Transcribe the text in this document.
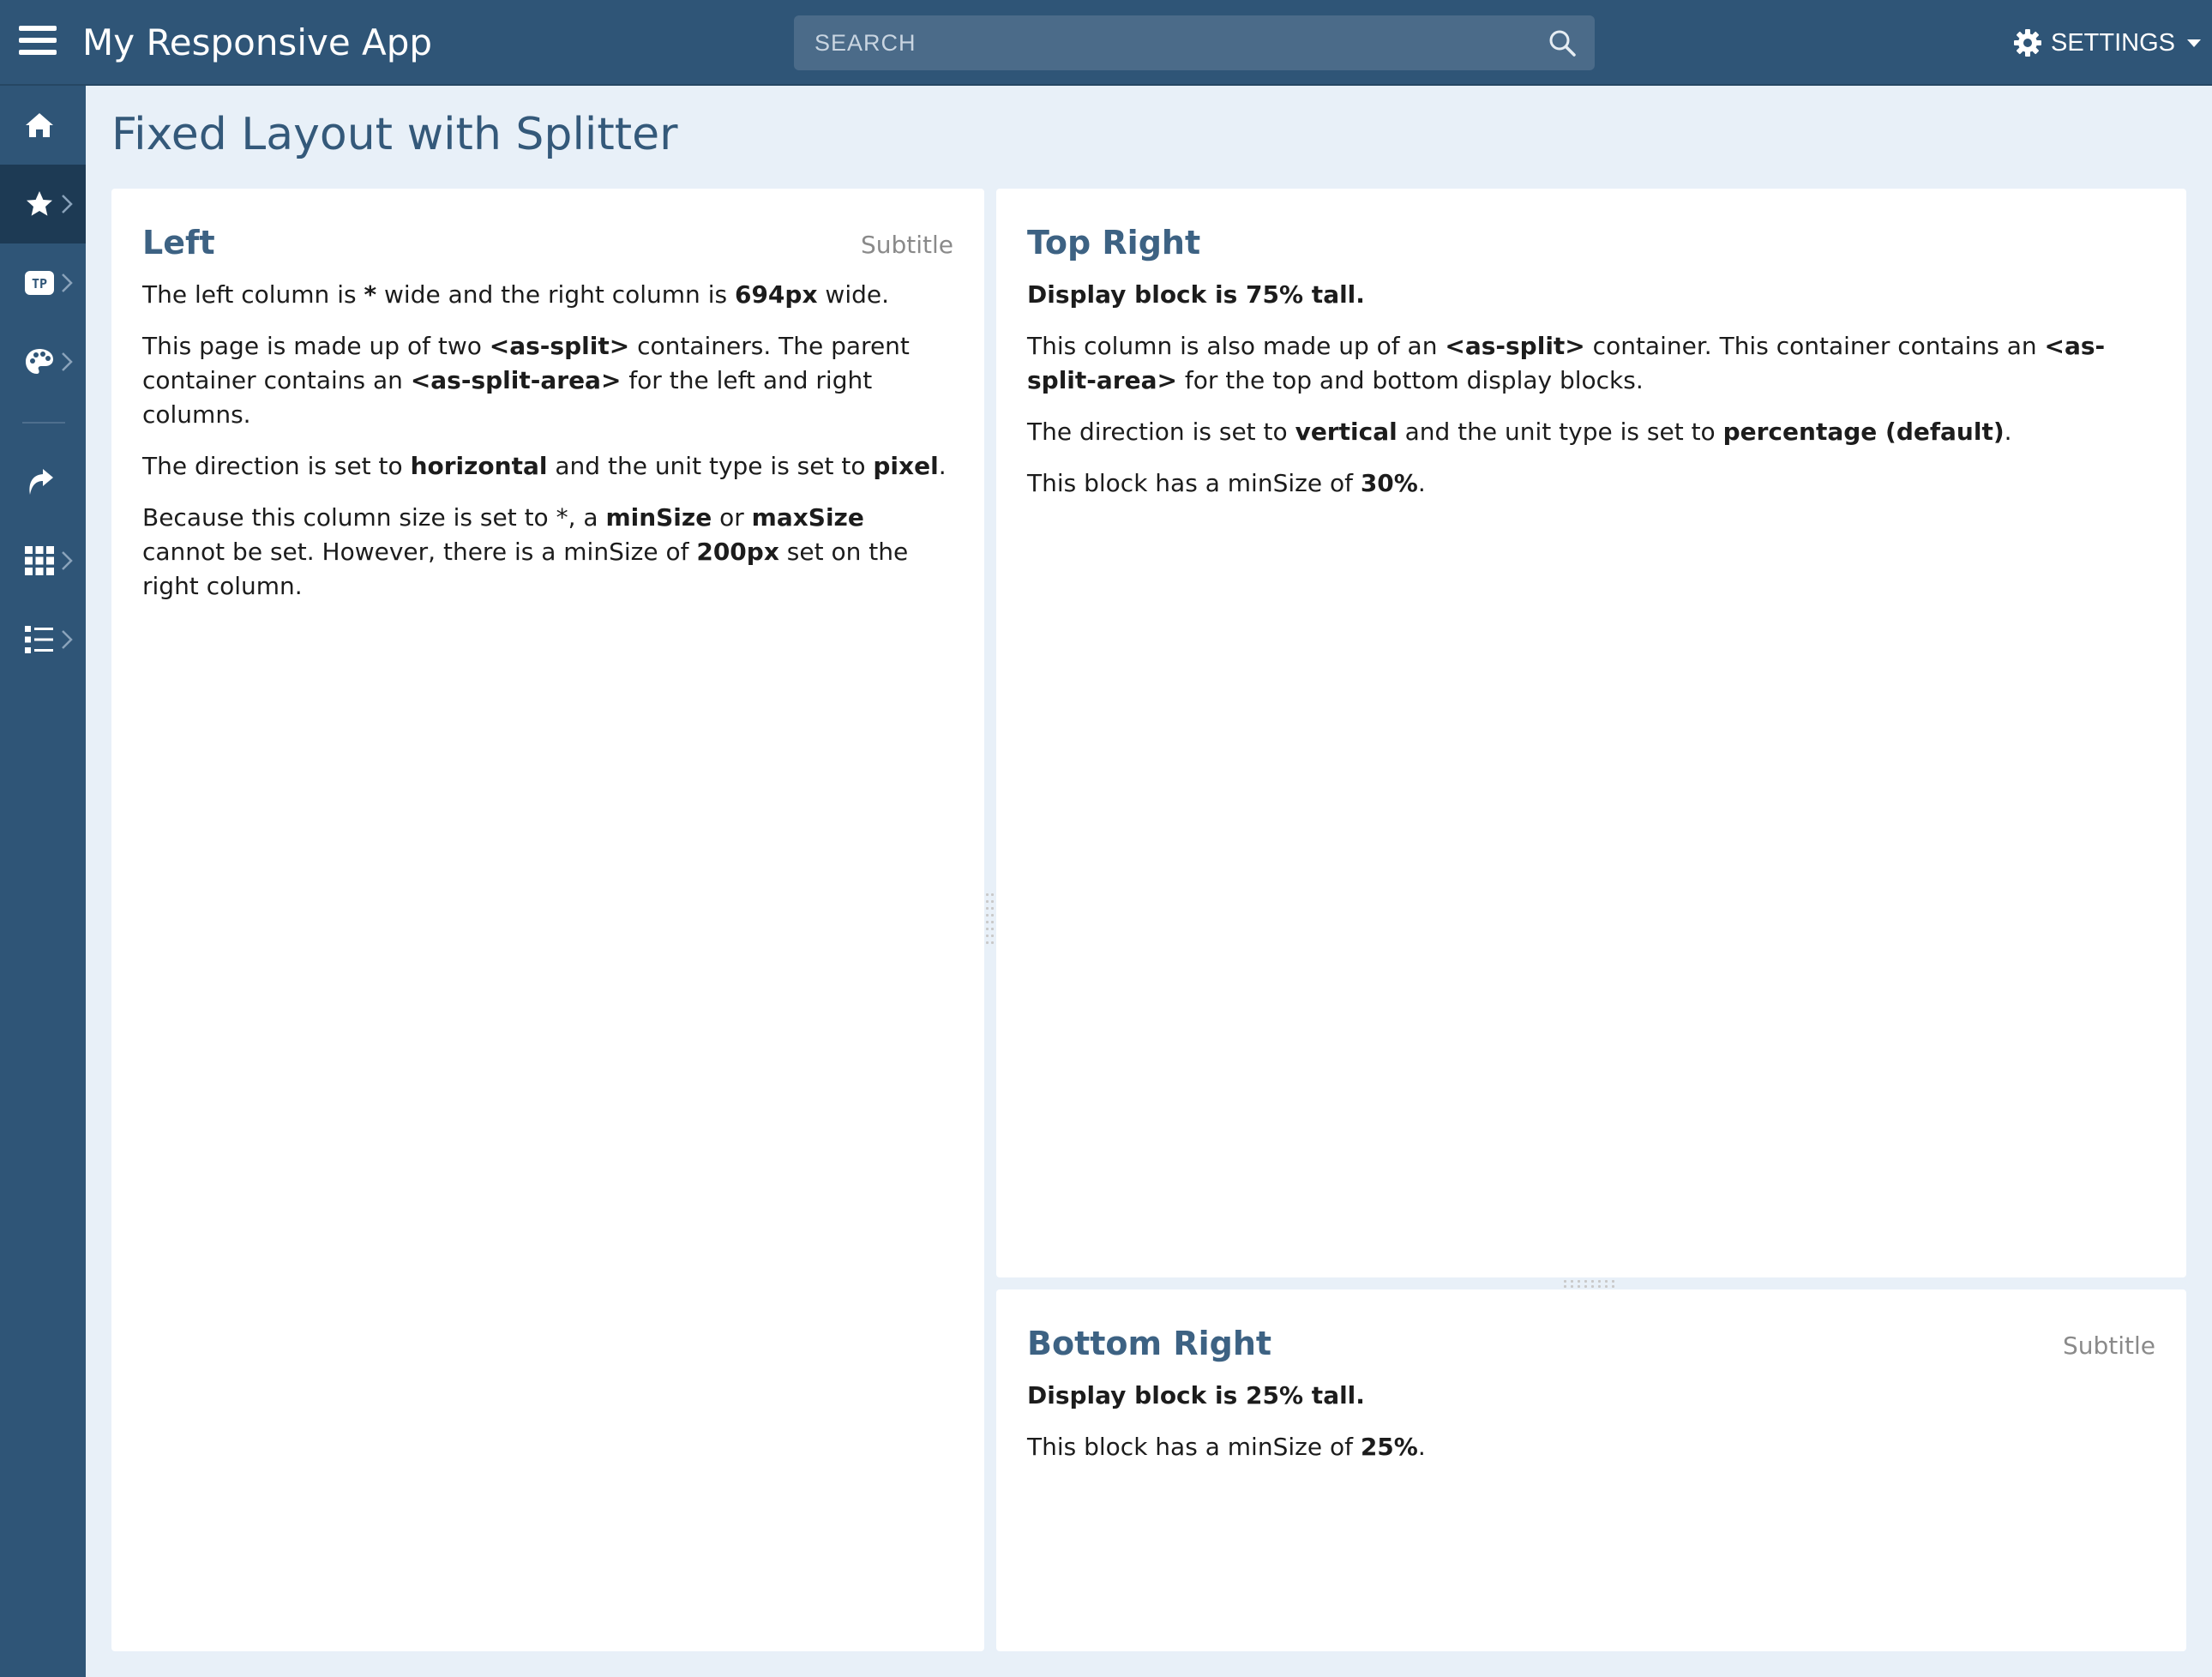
My Responsive App
SEARCH	SETTINGS
TP
Fixed Layout with Splitter
Left	Subtitle

The left column is * wide and the right column is 694px wide.

This page is made up of two <as-split> containers. The parent container contains an <as-split-area> for the left and right columns.

The direction is set to horizontal and the unit type is set to pixel.

Because this column size is set to *, a minSize or maxSize cannot be set. However, there is a minSize of 200px set on the right column.

Top Right

Display block is 75% tall.

This column is also made up of an <as-split> container. This container contains an <as-split-area> for the top and bottom display blocks.

The direction is set to vertical and the unit type is set to percentage (default).

This block has a minSize of 30%.

Bottom Right	Subtitle

Display block is 25% tall.

This block has a minSize of 25%.
